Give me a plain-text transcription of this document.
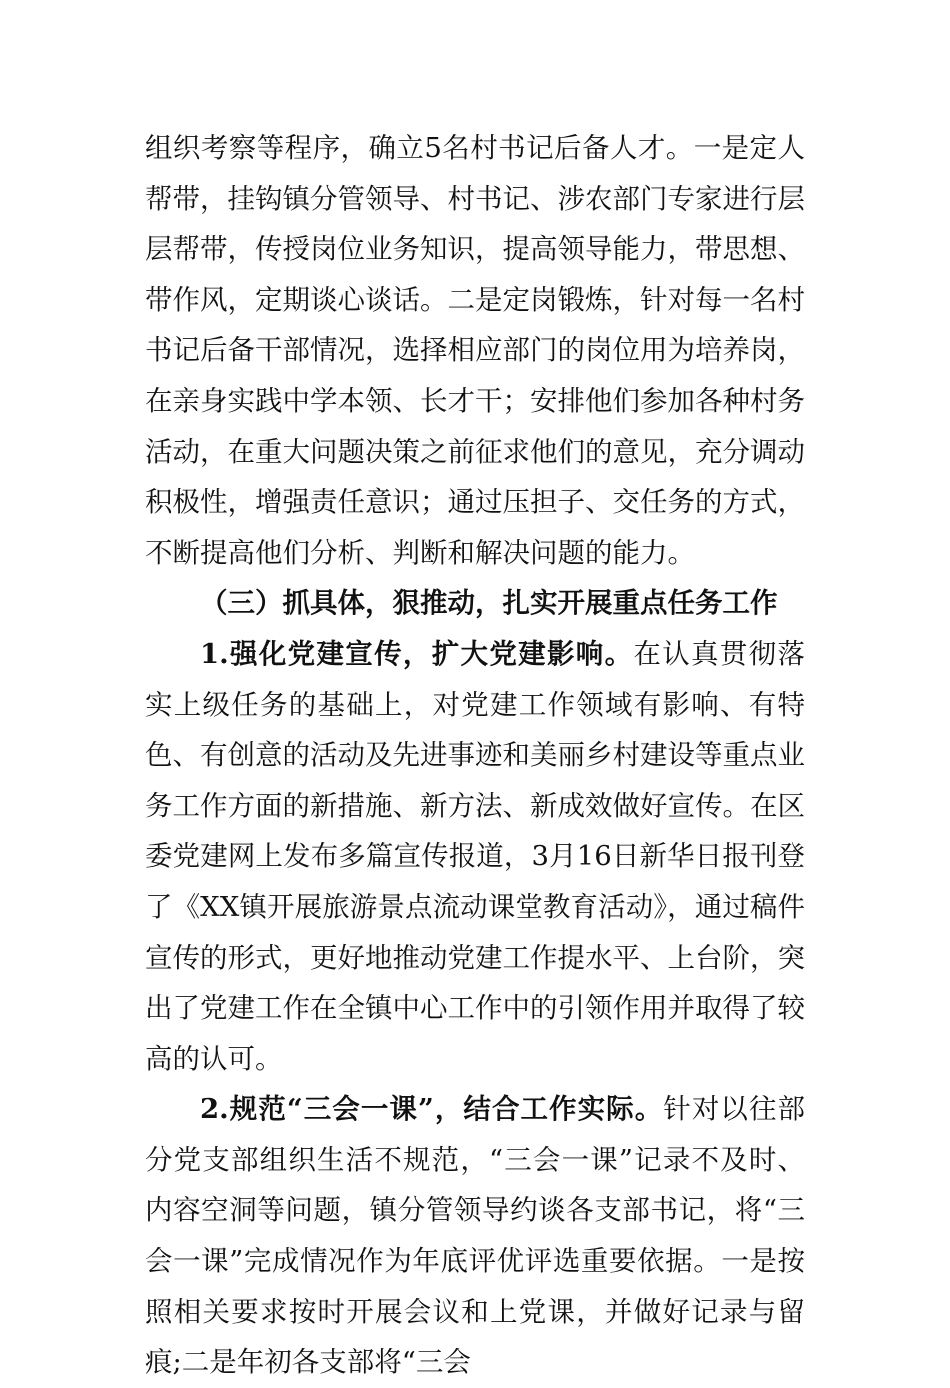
组织考察等程序，确立5名村书记后备人才。一是定人帮带，挂钩镇分管领导、村书记、涉农部门专家进行层层帮带，传授岗位业务知识，提高领导能力，带思想、带作风，定期谈心谈话。二是定岗锻炼，针对每一名村书记后备干部情况，选择相应部门的岗位用为培养岗，在亲身实践中学本领、长才干；安排他们参加各种村务活动，在重大问题决策之前征求他们的意见，充分调动积极性，增强责任意识；通过压担子、交任务的方式，不断提高他们分析、判断和解决问题的能力。

（三）抓具体，狠推动，扎实开展重点任务工作

1.强化党建宣传，扩大党建影响。在认真贯彻落实上级任务的基础上，对党建工作领域有影响、有特色、有创意的活动及先进事迹和美丽乡村建设等重点业务工作方面的新措施、新方法、新成效做好宣传。在区委党建网上发布多篇宣传报道，3月16日新华日报刊登了《XX镇开展旅游景点流动课堂教育活动》，通过稿件宣传的形式，更好地推动党建工作提水平、上台阶，突出了党建工作在全镇中心工作中的引领作用并取得了较高的认可。

2.规范“三会一课”，结合工作实际。针对以往部分党支部组织生活不规范，“三会一课”记录不及时、内容空洞等问题，镇分管领导约谈各支部书记，将“三会一课”完成情况作为年底评优评选重要依据。一是按照相关要求按时开展会议和上党课，并做好记录与留痕;二是年初各支部将“三会
